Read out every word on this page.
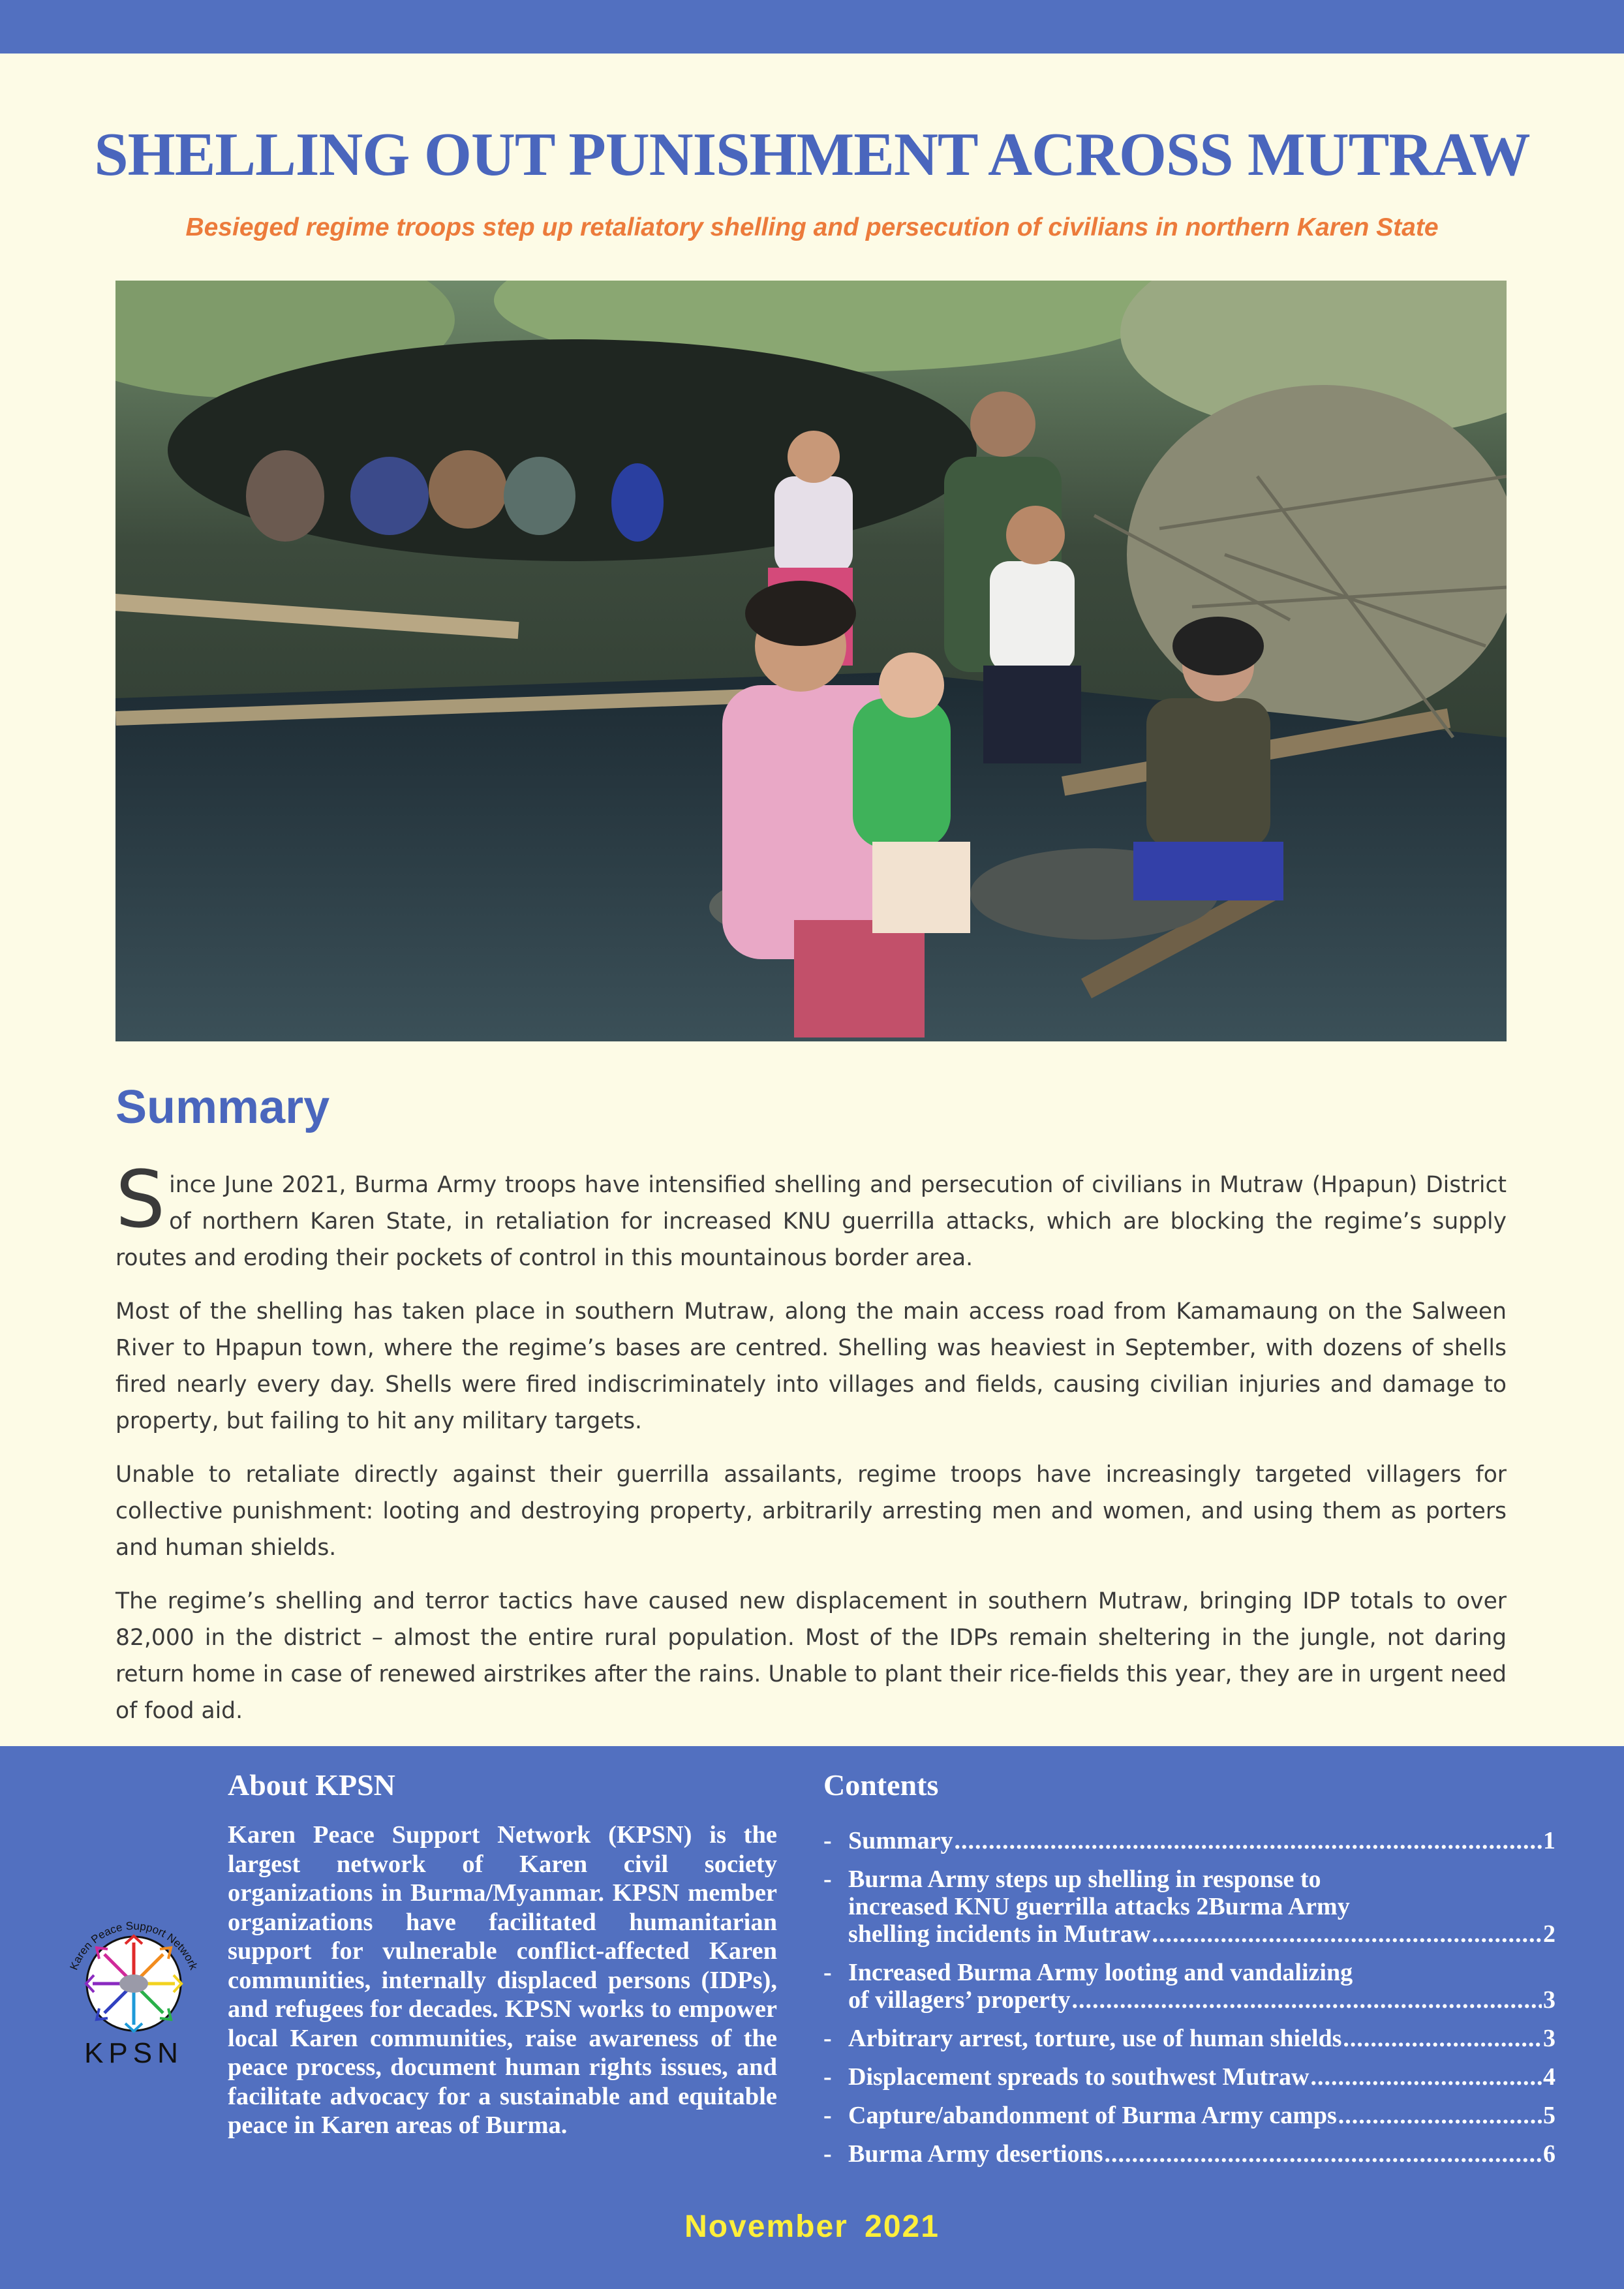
SHELLING OUT PUNISHMENT ACROSS MUTRAW

Besieged regime troops step up retaliatory shelling and persecution of civilians in northern Karen State

Summary

Since June 2021, Burma Army troops have intensified shelling and persecution of civilians in Mutraw (Hpapun) District of northern Karen State, in retaliation for increased KNU guerrilla attacks, which are blocking the regime’s supply routes and eroding their pockets of control in this mountainous border area.

Most of the shelling has taken place in southern Mutraw, along the main access road from Kamamaung on the Salween River to Hpapun town, where the regime’s bases are centred. Shelling was heaviest in September, with dozens of shells fired nearly every day. Shells were fired indiscriminately into villages and fields, causing civilian injuries and damage to property, but failing to hit any military targets.

Unable to retaliate directly against their guerrilla assailants, regime troops have increasingly targeted villagers for collective punishment: looting and destroying property, arbitrarily arresting men and women, and using them as porters and human shields.

The regime’s shelling and terror tactics have caused new displacement in southern Mutraw, bringing IDP totals to over 82,000 in the district – almost the entire rural population. Most of the IDPs remain sheltering in the jungle, not daring return home in case of renewed airstrikes after the rains. Unable to plant their rice-fields this year, they are in urgent need of food aid.

About KPSN

Karen Peace Support Network (KPSN) is the largest network of Karen civil society organizations in Burma/Myanmar. KPSN member organizations have facilitated humanitarian support for vulnerable conflict-affected Karen communities, internally displaced persons (IDPs), and refugees for decades. KPSN works to empower local Karen communities, raise awareness of the peace process, document human rights issues, and facilitate advocacy for a sustainable and equitable peace in Karen areas of Burma.

Karen Peace Support Network
KPSN
Contents
- Summary .....	1
- Burma Army steps up shelling in response to
increased KNU guerrilla attacks 2Burma Army
shelling incidents in Mutraw .....	2
- Increased Burma Army looting and vandalizing
of villagers’ property .....	3
- Arbitrary arrest, torture, use of human shields .....	3
- Displacement spreads to southwest Mutraw .....	4
- Capture/abandonment of Burma Army camps .....	5
- Burma Army desertions .....	6

November 2021
